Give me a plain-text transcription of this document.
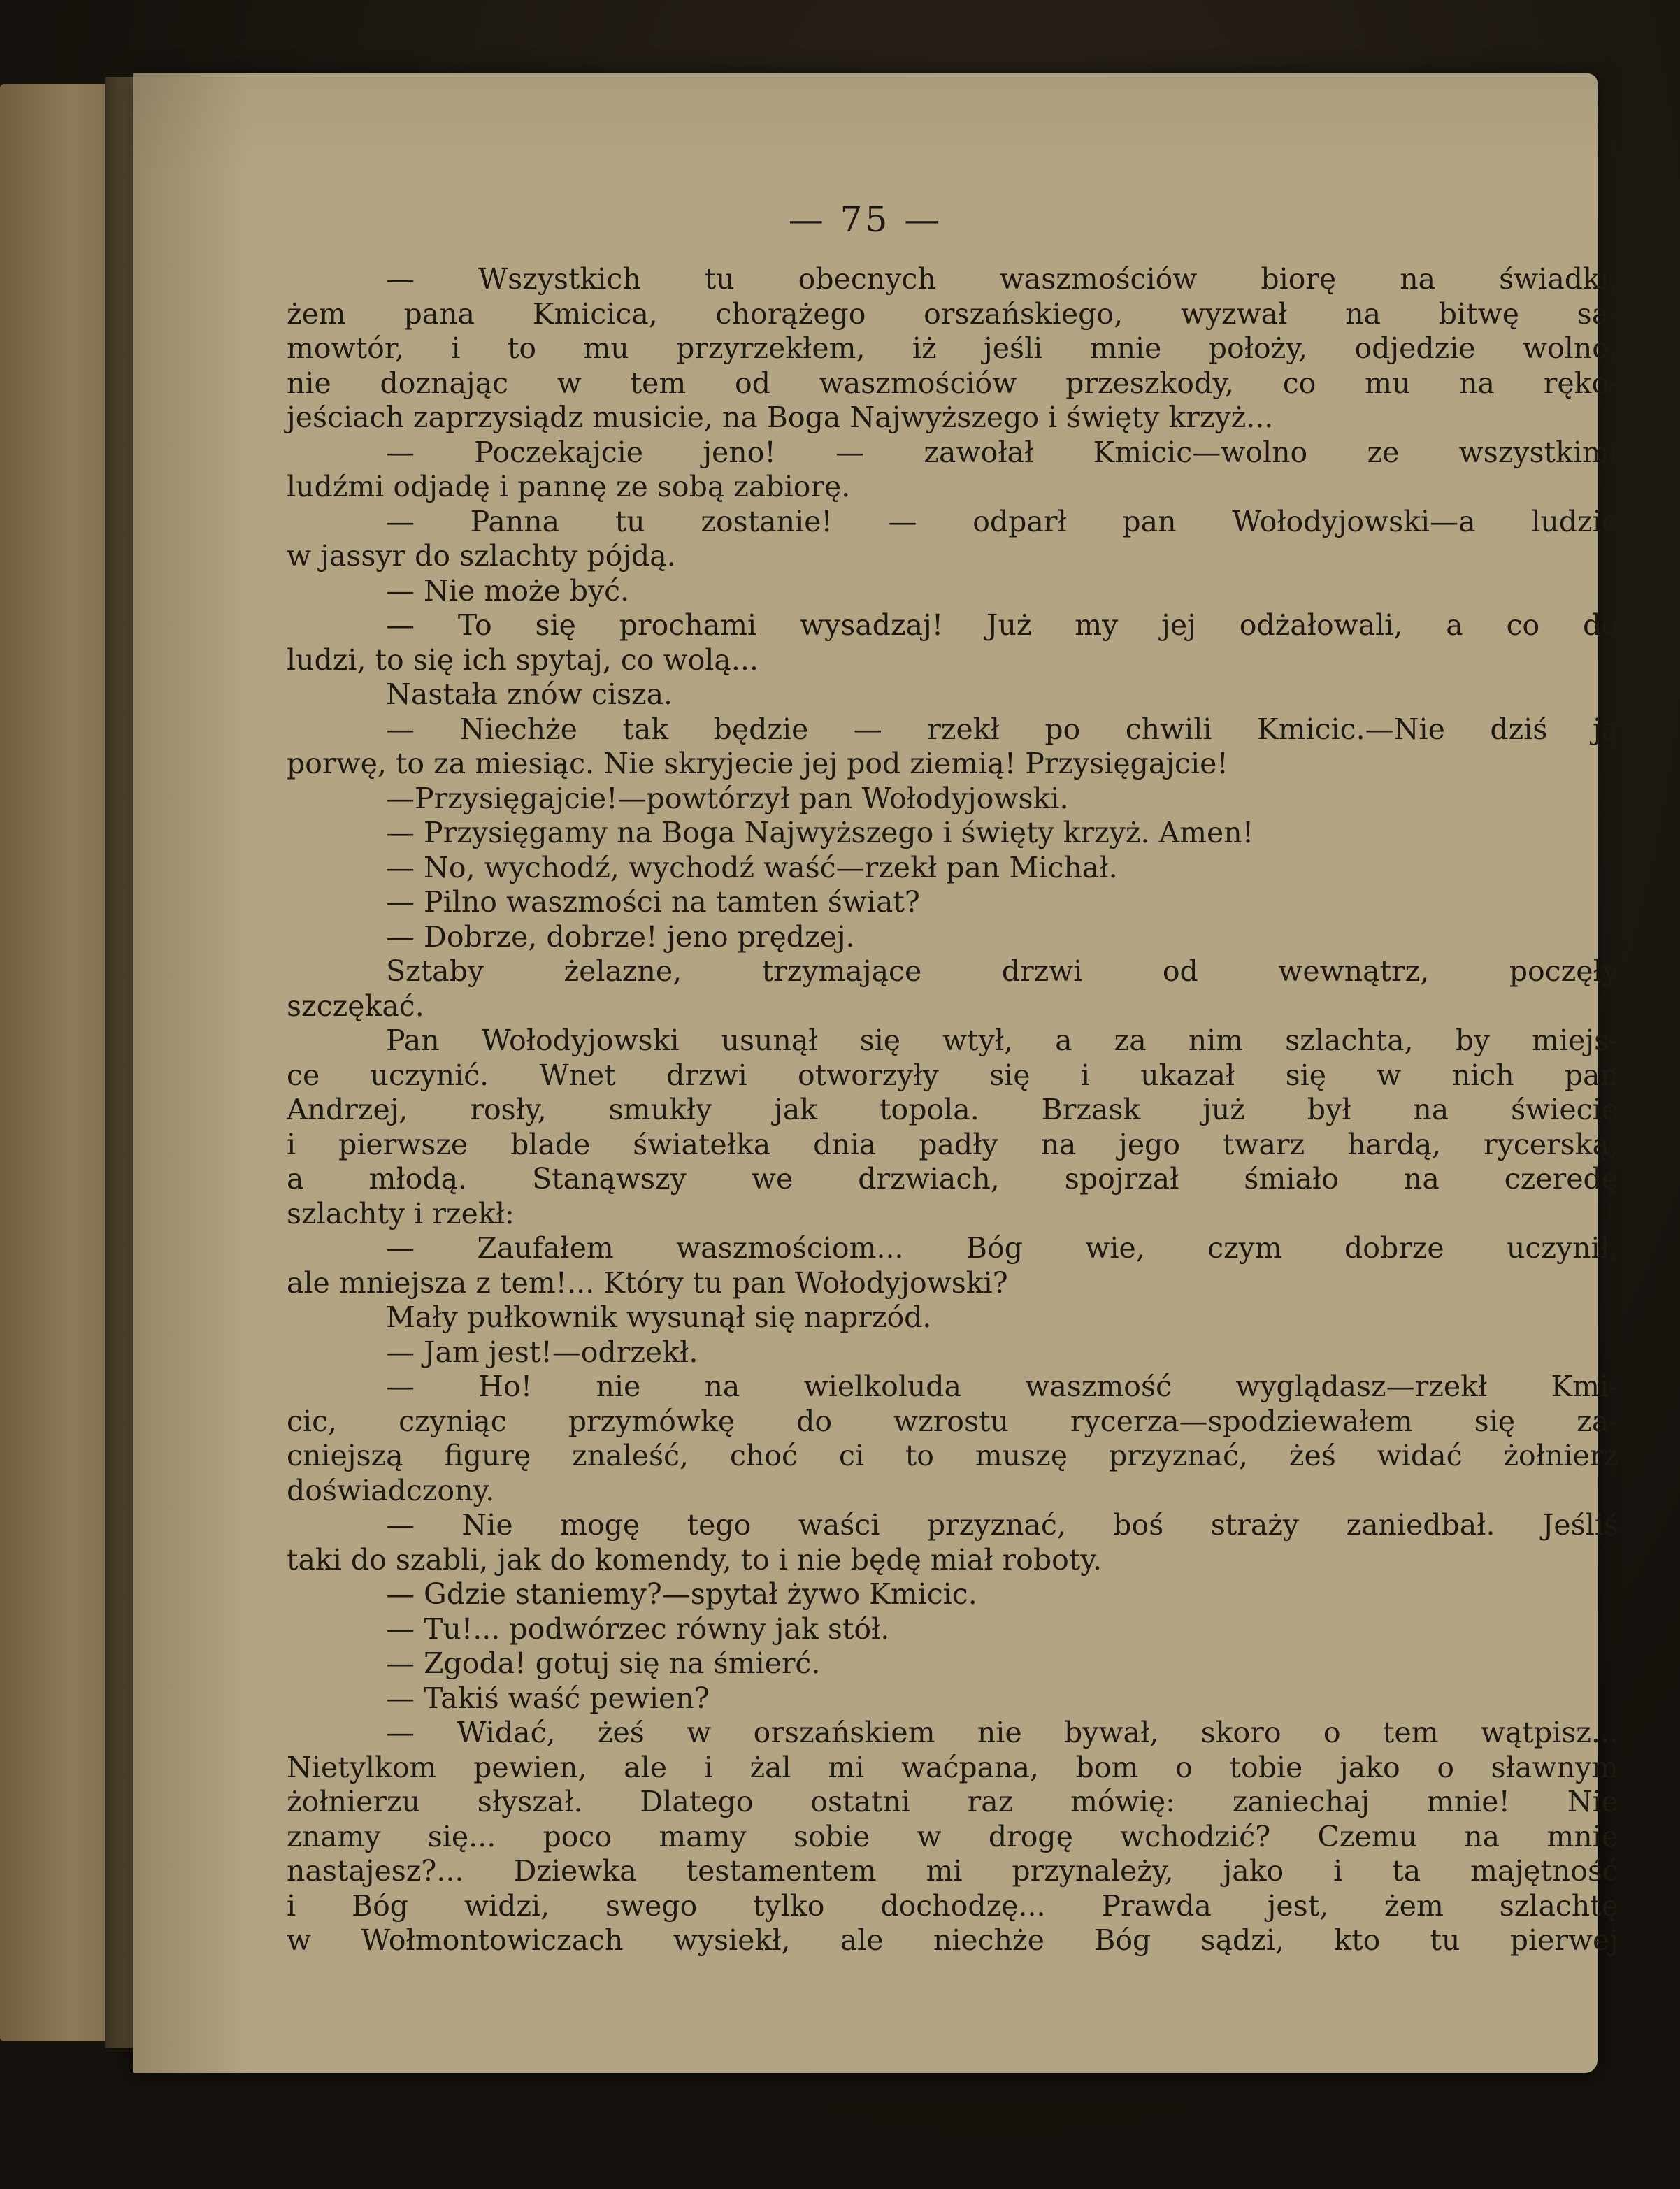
— 75 —
— Wszystkich tu obecnych waszmościów biorę na świadki,
żem pana Kmicica, chorążego orszańskiego, wyzwał na bitwę sa-
mowtór, i to mu przyrzekłem, iż jeśli mnie położy, odjedzie wolno,
nie doznając w tem od waszmościów przeszkody, co mu na ręko-
jeściach zaprzysiądz musicie, na Boga Najwyższego i święty krzyż...
— Poczekajcie jeno! — zawołał Kmicic—wolno ze wszystkimi
ludźmi odjadę i pannę ze sobą zabiorę.
— Panna tu zostanie! — odparł pan Wołodyjowski—a ludzie
w jassyr do szlachty pójdą.
— Nie może być.
— To się prochami wysadzaj! Już my jej odżałowali, a co do
ludzi, to się ich spytaj, co wolą...
Nastała znów cisza.
— Niechże tak będzie — rzekł po chwili Kmicic.—Nie dziś ją
porwę, to za miesiąc. Nie skryjecie jej pod ziemią! Przysięgajcie!
—Przysięgajcie!—powtórzył pan Wołodyjowski.
— Przysięgamy na Boga Najwyższego i święty krzyż. Amen!
— No, wychodź, wychodź waść—rzekł pan Michał.
— Pilno waszmości na tamten świat?
— Dobrze, dobrze! jeno prędzej.
Sztaby żelazne, trzymające drzwi od wewnątrz, poczęły
szczękać.
Pan Wołodyjowski usunął się wtył, a za nim szlachta, by miejs-
ce uczynić. Wnet drzwi otworzyły się i ukazał się w nich pan
Andrzej, rosły, smukły jak topola. Brzask już był na świecie
i pierwsze blade światełka dnia padły na jego twarz hardą, rycerską,
a młodą. Stanąwszy we drzwiach, spojrzał śmiało na czeredę
szlachty i rzekł:
— Zaufałem waszmościom... Bóg wie, czym dobrze uczynił,
ale mniejsza z tem!... Który tu pan Wołodyjowski?
Mały pułkownik wysunął się naprzód.
— Jam jest!—odrzekł.
— Ho! nie na wielkoluda waszmość wyglądasz—rzekł Kmi-
cic, czyniąc przymówkę do wzrostu rycerza—spodziewałem się za-
cniejszą figurę znaleść, choć ci to muszę przyznać, żeś widać żołnierz
doświadczony.
— Nie mogę tego waści przyznać, boś straży zaniedbał. Jeśliś
taki do szabli, jak do komendy, to i nie będę miał roboty.
— Gdzie staniemy?—spytał żywo Kmicic.
— Tu!... podwórzec równy jak stół.
— Zgoda! gotuj się na śmierć.
— Takiś waść pewien?
— Widać, żeś w orszańskiem nie bywał, skoro o tem wątpisz...
Nietylkom pewien, ale i żal mi waćpana, bom o tobie jako o sławnym
żołnierzu słyszał. Dlatego ostatni raz mówię: zaniechaj mnie! Nie
znamy się... poco mamy sobie w drogę wchodzić? Czemu na mnie
nastajesz?... Dziewka testamentem mi przynależy, jako i ta majętność
i Bóg widzi, swego tylko dochodzę... Prawda jest, żem szlachtę
w Wołmontowiczach wysiekł, ale niechże Bóg sądzi, kto tu pierwej
